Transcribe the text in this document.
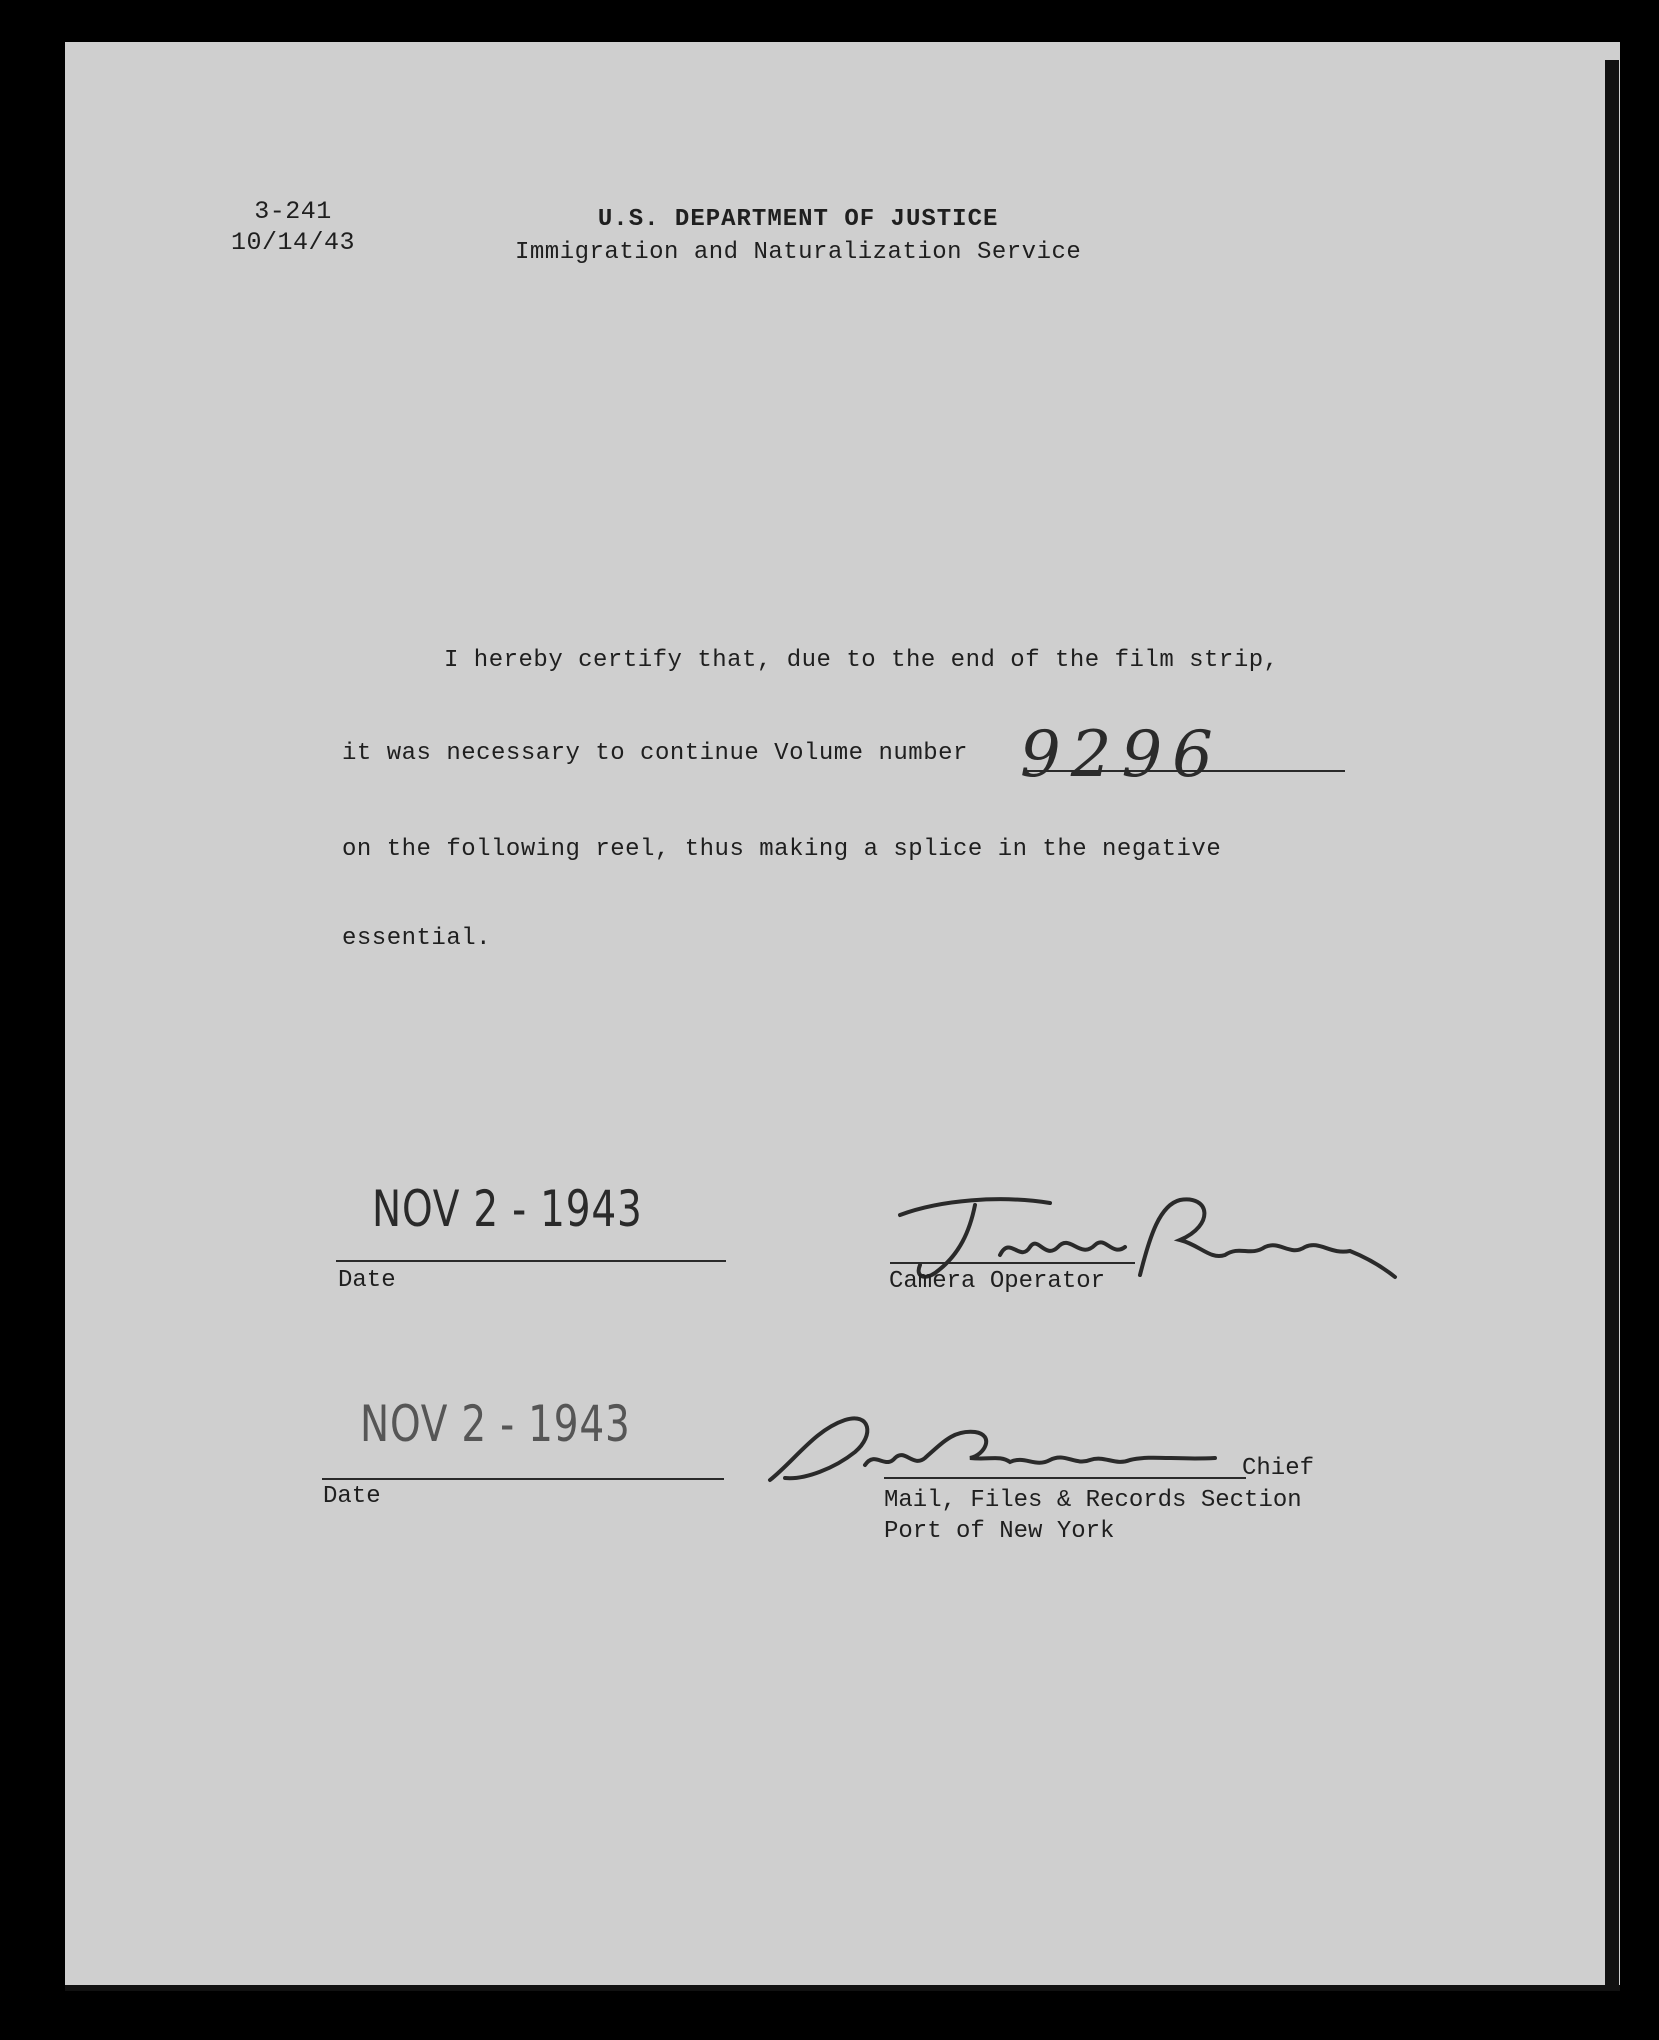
3-241
10/14/43
U.S. DEPARTMENT OF JUSTICE
Immigration and Naturalization Service
I hereby certify that, due to the end of the film strip,
it was necessary to continue Volume number 9296
on the following reel, thus making a splice in the negative
essential.
NOV 2 - 1943
Date	Camera Operator
NOV 2 - 1943
Date
Chief
Mail, Files & Records Section
Port of New York
